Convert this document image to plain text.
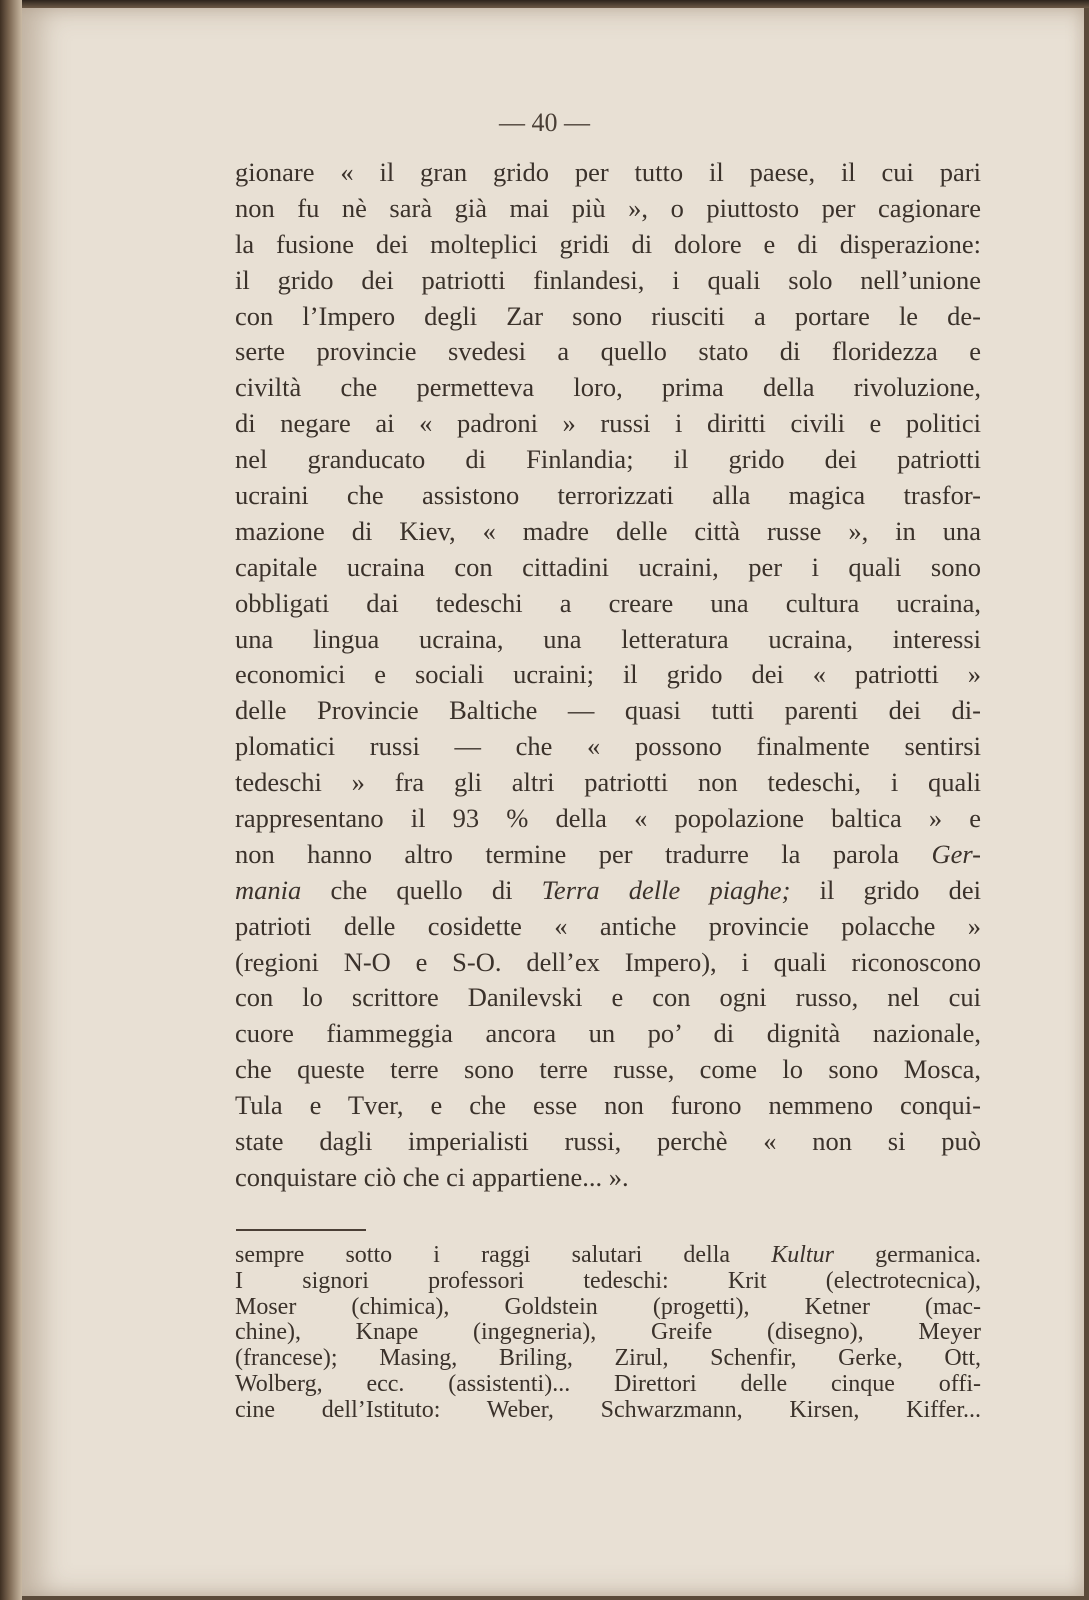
— 40 —
gionare « il gran grido per tutto il paese, il cui pari
non fu nè sarà già mai più », o piuttosto per cagionare
la fusione dei molteplici gridi di dolore e di disperazione:
il grido dei patriotti finlandesi, i quali solo nell’unione
con l’Impero degli Zar sono riusciti a portare le de-
serte provincie svedesi a quello stato di floridezza e
civiltà che permetteva loro, prima della rivoluzione,
di negare ai « padroni » russi i diritti civili e politici
nel granducato di Finlandia; il grido dei patriotti
ucraini che assistono terrorizzati alla magica trasfor-
mazione di Kiev, « madre delle città russe », in una
capitale ucraina con cittadini ucraini, per i quali sono
obbligati dai tedeschi a creare una cultura ucraina,
una lingua ucraina, una letteratura ucraina, interessi
economici e sociali ucraini; il grido dei « patriotti »
delle Provincie Baltiche — quasi tutti parenti dei di-
plomatici russi — che « possono finalmente sentirsi
tedeschi » fra gli altri patriotti non tedeschi, i quali
rappresentano il 93 % della « popolazione baltica » e
non hanno altro termine per tradurre la parola Ger-
mania che quello di Terra delle piaghe; il grido dei
patrioti delle cosidette « antiche provincie polacche »
(regioni N-O e S-O. dell’ex Impero), i quali riconoscono
con lo scrittore Danilevski e con ogni russo, nel cui
cuore fiammeggia ancora un po’ di dignità nazionale,
che queste terre sono terre russe, come lo sono Mosca,
Tula e Tver, e che esse non furono nemmeno conqui-
state dagli imperialisti russi, perchè « non si può
conquistare ciò che ci appartiene... ».
sempre sotto i raggi salutari della Kultur germanica.
I signori professori tedeschi: Krit (electrotecnica),
Moser (chimica), Goldstein (progetti), Ketner (mac-
chine), Knape (ingegneria), Greife (disegno), Meyer
(francese); Masing, Briling, Zirul, Schenfir, Gerke, Ott,
Wolberg, ecc. (assistenti)... Direttori delle cinque offi-
cine dell’Istituto: Weber, Schwarzmann, Kirsen, Kiffer...
